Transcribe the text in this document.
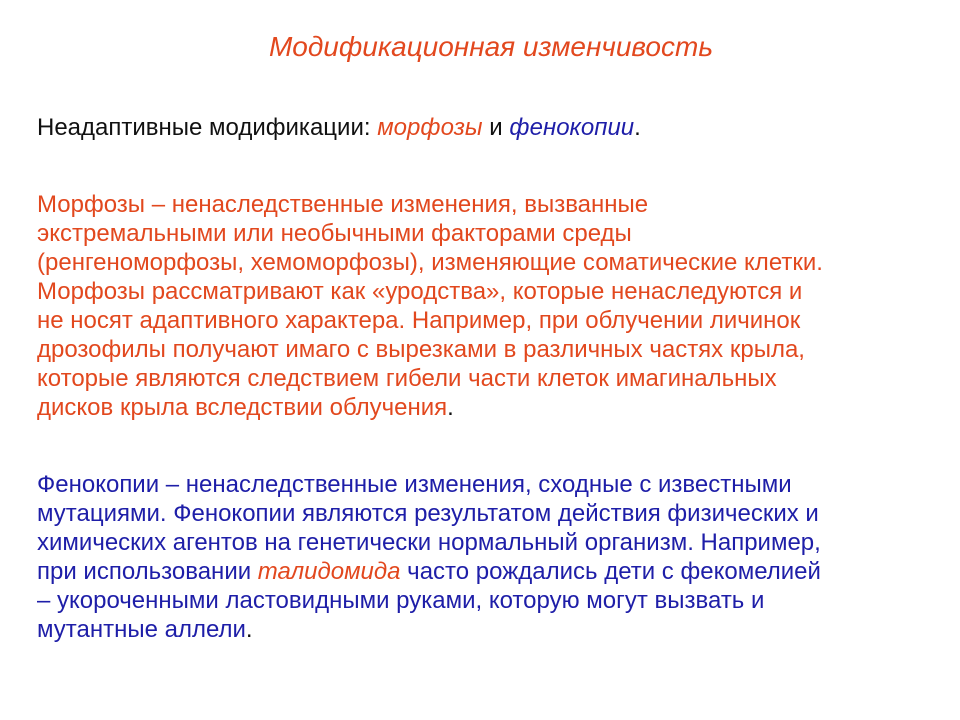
Модификационная изменчивость
Неадаптивные модификации: морфозы и фенокопии.
Морфозы – ненаследственные изменения, вызванные
экстремальными или необычными факторами среды
(ренгеноморфозы, хемоморфозы), изменяющие соматические клетки.
Морфозы рассматривают как «уродства», которые ненаследуются и
не носят адаптивного характера. Например, при облучении личинок
дрозофилы получают имаго с вырезками в различных частях крыла,
которые являются следствием гибели части клеток имагинальных
дисков крыла вследствии облучения.
Фенокопии – ненаследственные изменения, сходные с известными
мутациями. Фенокопии являются результатом действия физических и
химических агентов на генетически нормальный организм. Например,
при использовании талидомида часто рождались дети с фекомелией
– укороченными ластовидными руками, которую могут вызвать и
мутантные аллели.
